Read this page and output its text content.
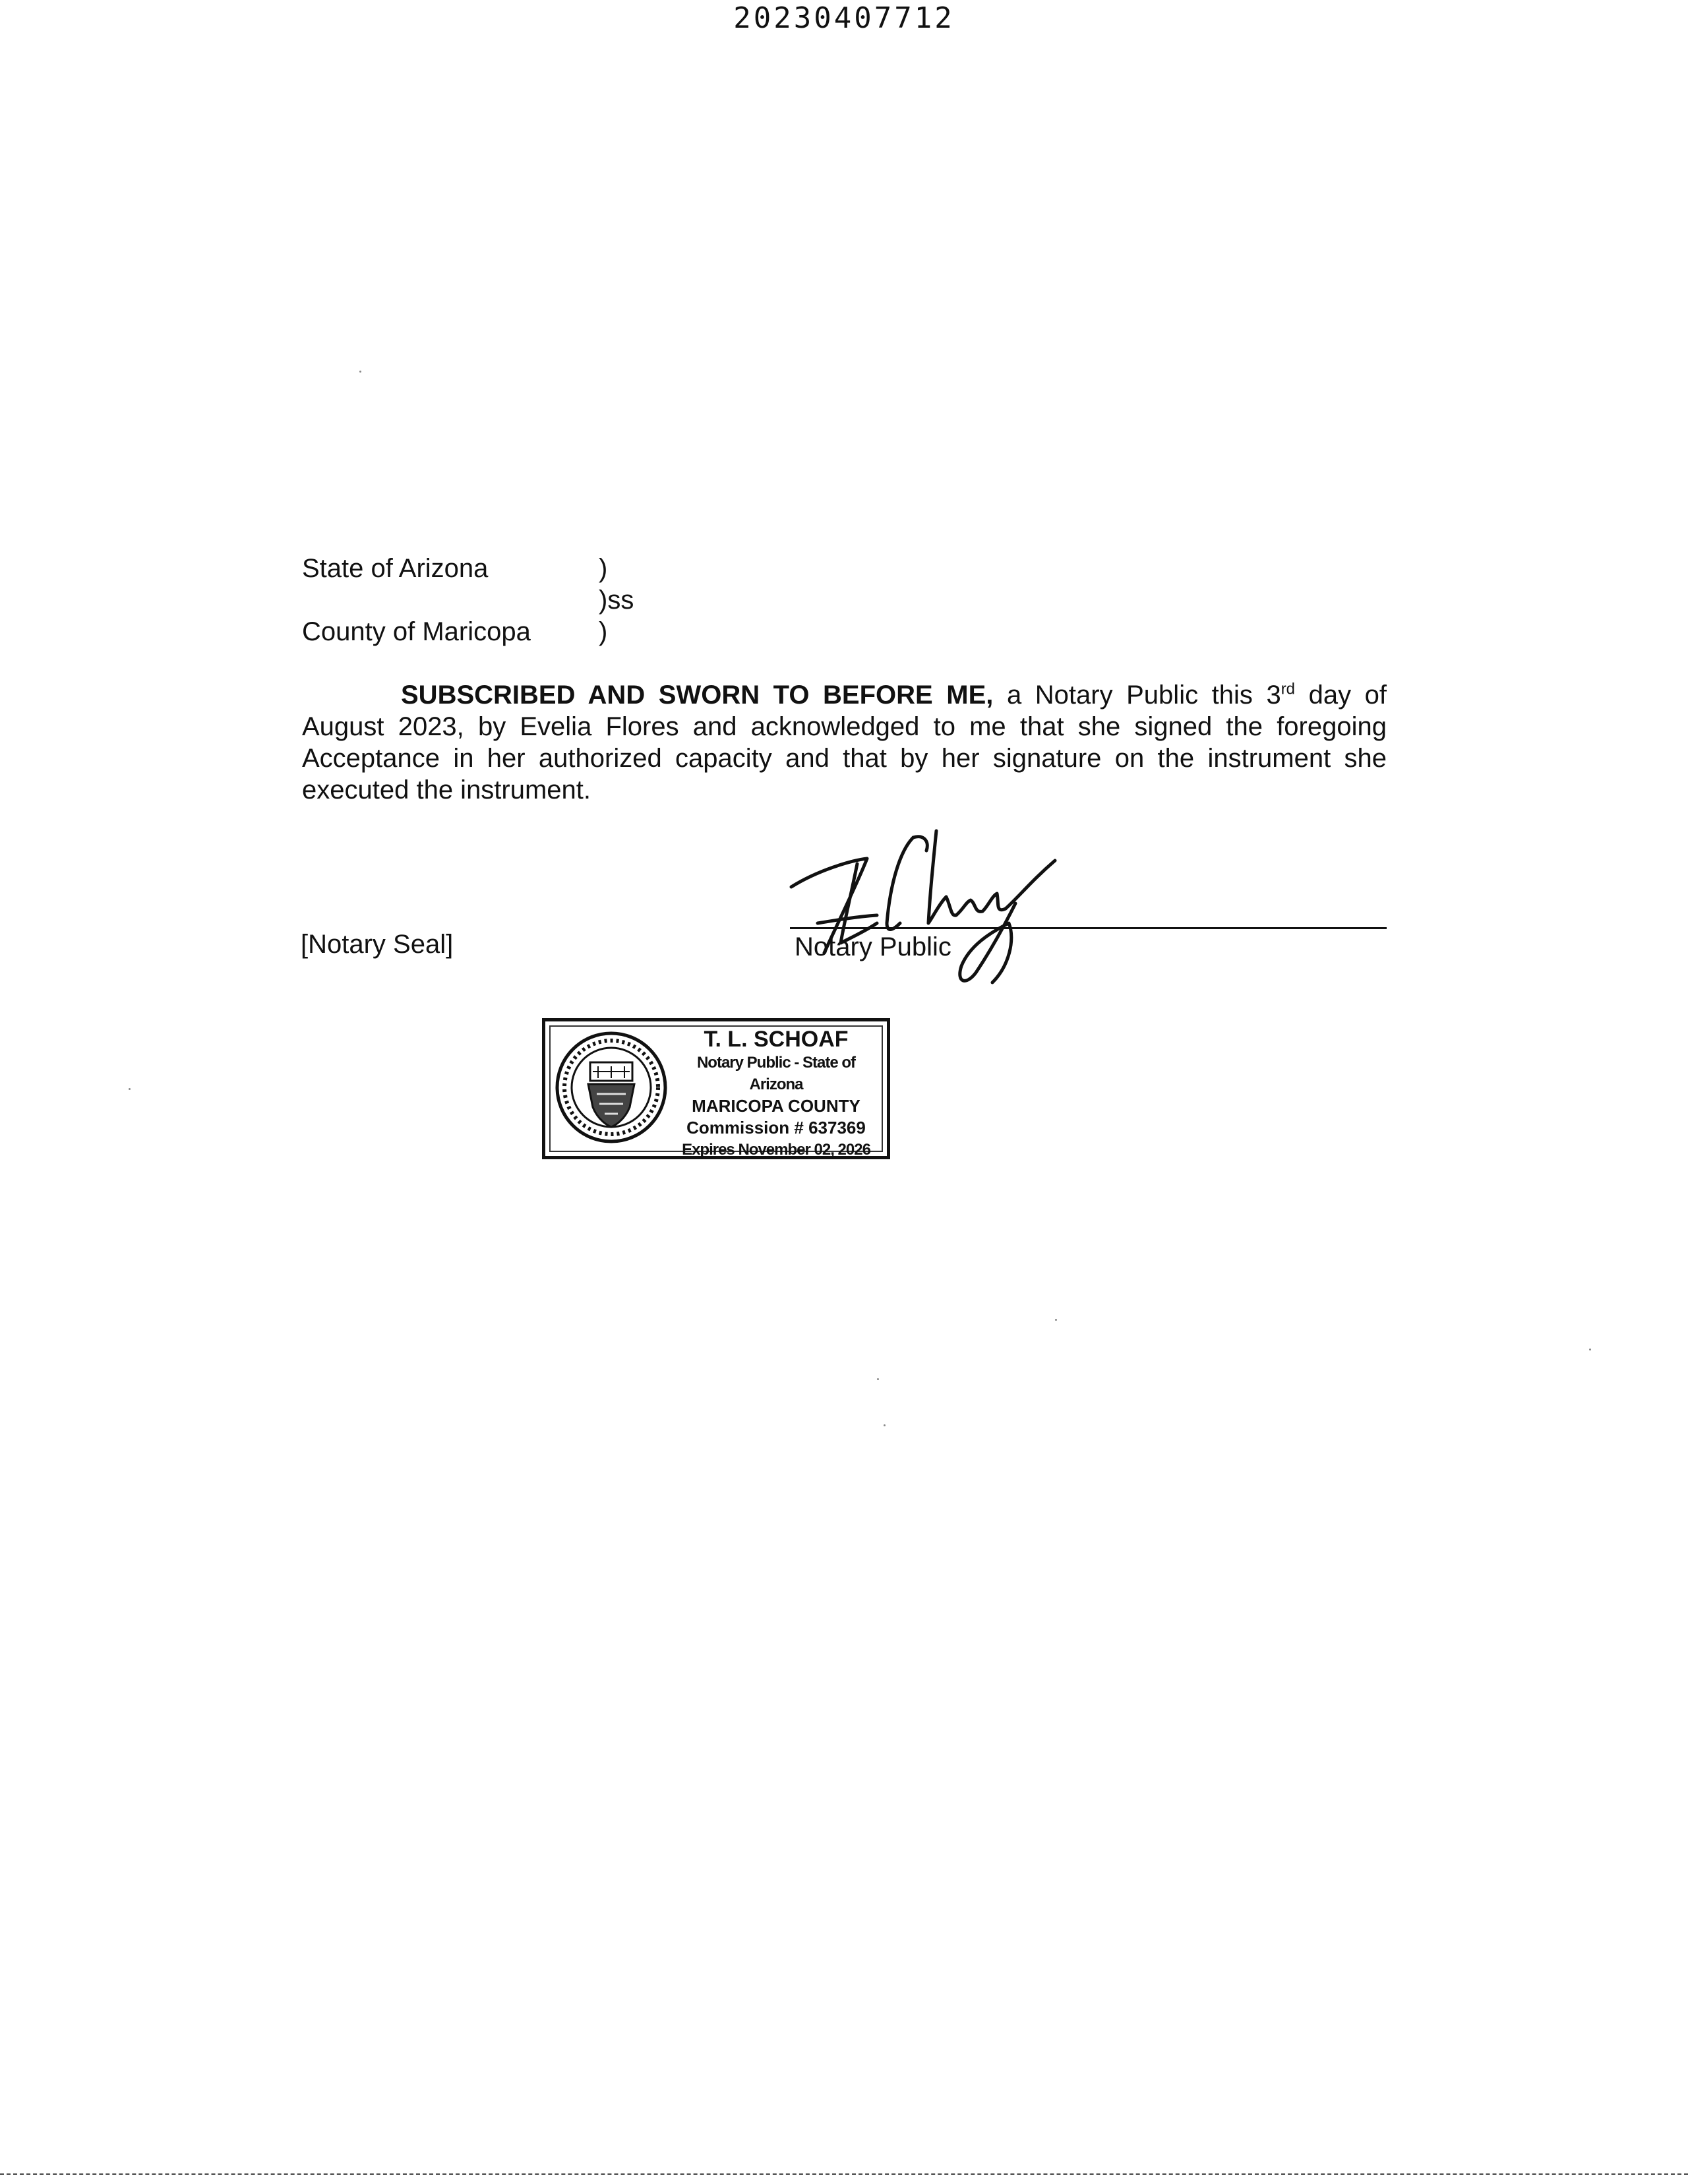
20230407712
State of Arizona	)
)ss
County of Maricopa	)
SUBSCRIBED AND SWORN TO BEFORE ME, a Notary Public this 3rd day of August 2023, by Evelia Flores and acknowledged to me that she signed the foregoing Acceptance in her authorized capacity and that by her signature on the instrument she executed the instrument.
[Notary Seal]	Notary Public
T. L. SCHOAF
Notary Public - State of Arizona
MARICOPA COUNTY
Commission # 637369
Expires November 02, 2026
